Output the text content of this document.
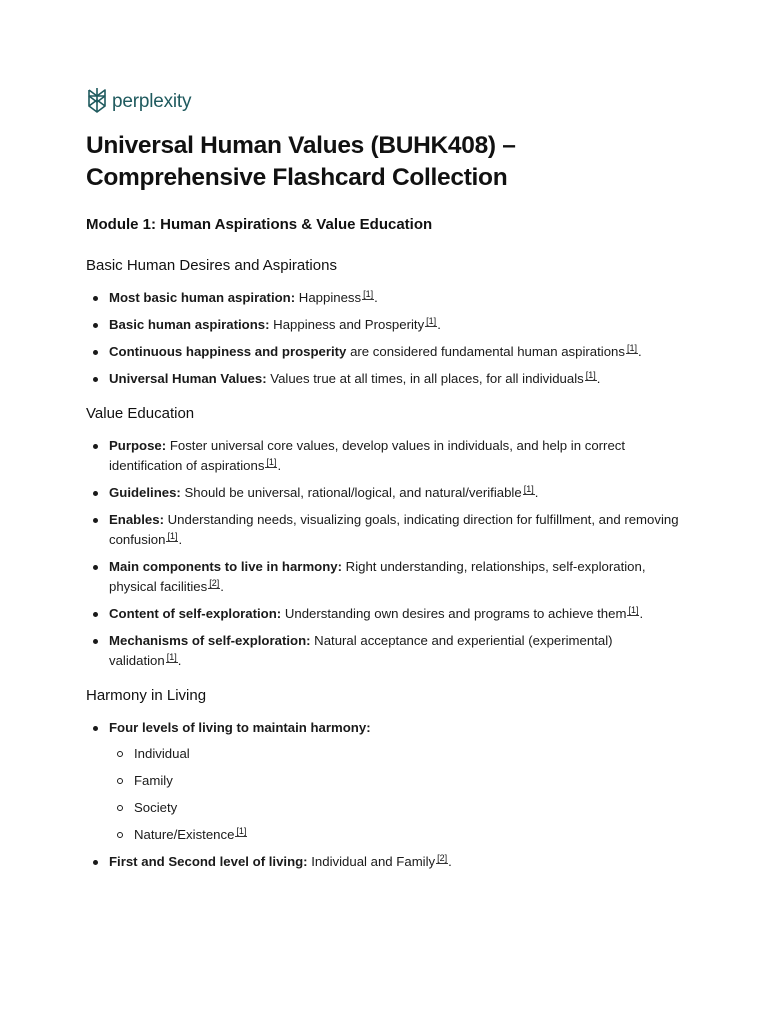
perplexity
Universal Human Values (BUHK408) – Comprehensive Flashcard Collection
Module 1: Human Aspirations & Value Education
Basic Human Desires and Aspirations
Most basic human aspiration: Happiness [1].
Basic human aspirations: Happiness and Prosperity [1].
Continuous happiness and prosperity are considered fundamental human aspirations [1].
Universal Human Values: Values true at all times, in all places, for all individuals [1].
Value Education
Purpose: Foster universal core values, develop values in individuals, and help in correct identification of aspirations [1].
Guidelines: Should be universal, rational/logical, and natural/verifiable [1].
Enables: Understanding needs, visualizing goals, indicating direction for fulfillment, and removing confusion [1].
Main components to live in harmony: Right understanding, relationships, self-exploration, physical facilities [2].
Content of self-exploration: Understanding own desires and programs to achieve them [1].
Mechanisms of self-exploration: Natural acceptance and experiential (experimental) validation [1].
Harmony in Living
Four levels of living to maintain harmony:
Individual
Family
Society
Nature/Existence [1]
First and Second level of living: Individual and Family [2].
